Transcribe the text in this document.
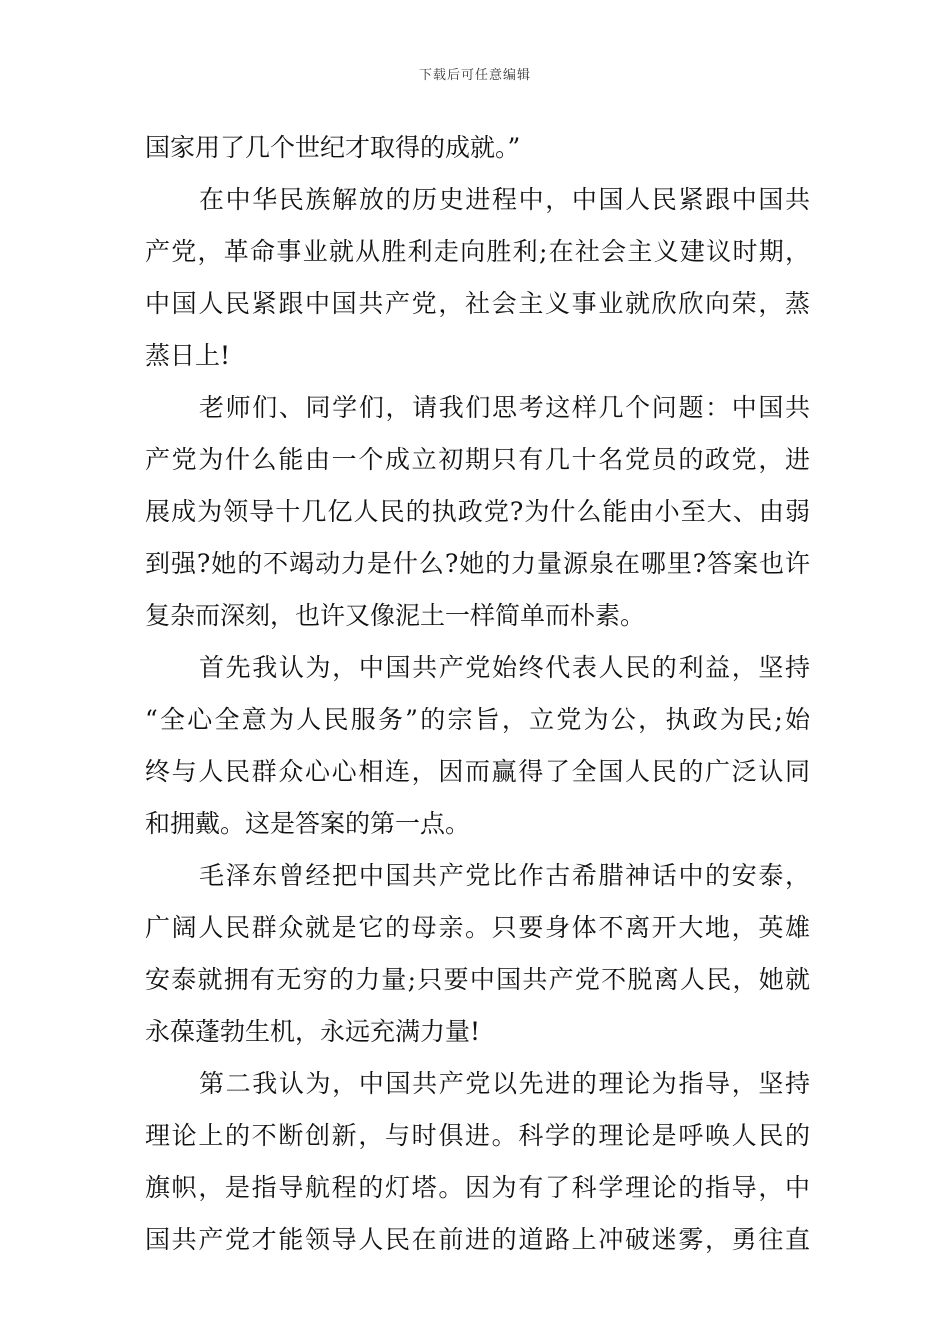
下载后可任意编辑
国家用了几个世纪才取得的成就。”
在中华民族解放的历史进程中，中国人民紧跟中国共
产党，革命事业就从胜利走向胜利;在社会主义建议时期，
中国人民紧跟中国共产党，社会主义事业就欣欣向荣，蒸
蒸日上!
老师们、同学们，请我们思考这样几个问题：中国共
产党为什么能由一个成立初期只有几十名党员的政党，进
展成为领导十几亿人民的执政党?为什么能由小至大、由弱
到强?她的不竭动力是什么?她的力量源泉在哪里?答案也许
复杂而深刻，也许又像泥土一样简单而朴素。
首先我认为，中国共产党始终代表人民的利益，坚持
“全心全意为人民服务”的宗旨，立党为公，执政为民;始
终与人民群众心心相连，因而赢得了全国人民的广泛认同
和拥戴。这是答案的第一点。
毛泽东曾经把中国共产党比作古希腊神话中的安泰，
广阔人民群众就是它的母亲。只要身体不离开大地，英雄
安泰就拥有无穷的力量;只要中国共产党不脱离人民，她就
永葆蓬勃生机，永远充满力量!
第二我认为，中国共产党以先进的理论为指导，坚持
理论上的不断创新，与时俱进。科学的理论是呼唤人民的
旗帜，是指导航程的灯塔。因为有了科学理论的指导，中
国共产党才能领导人民在前进的道路上冲破迷雾，勇往直
